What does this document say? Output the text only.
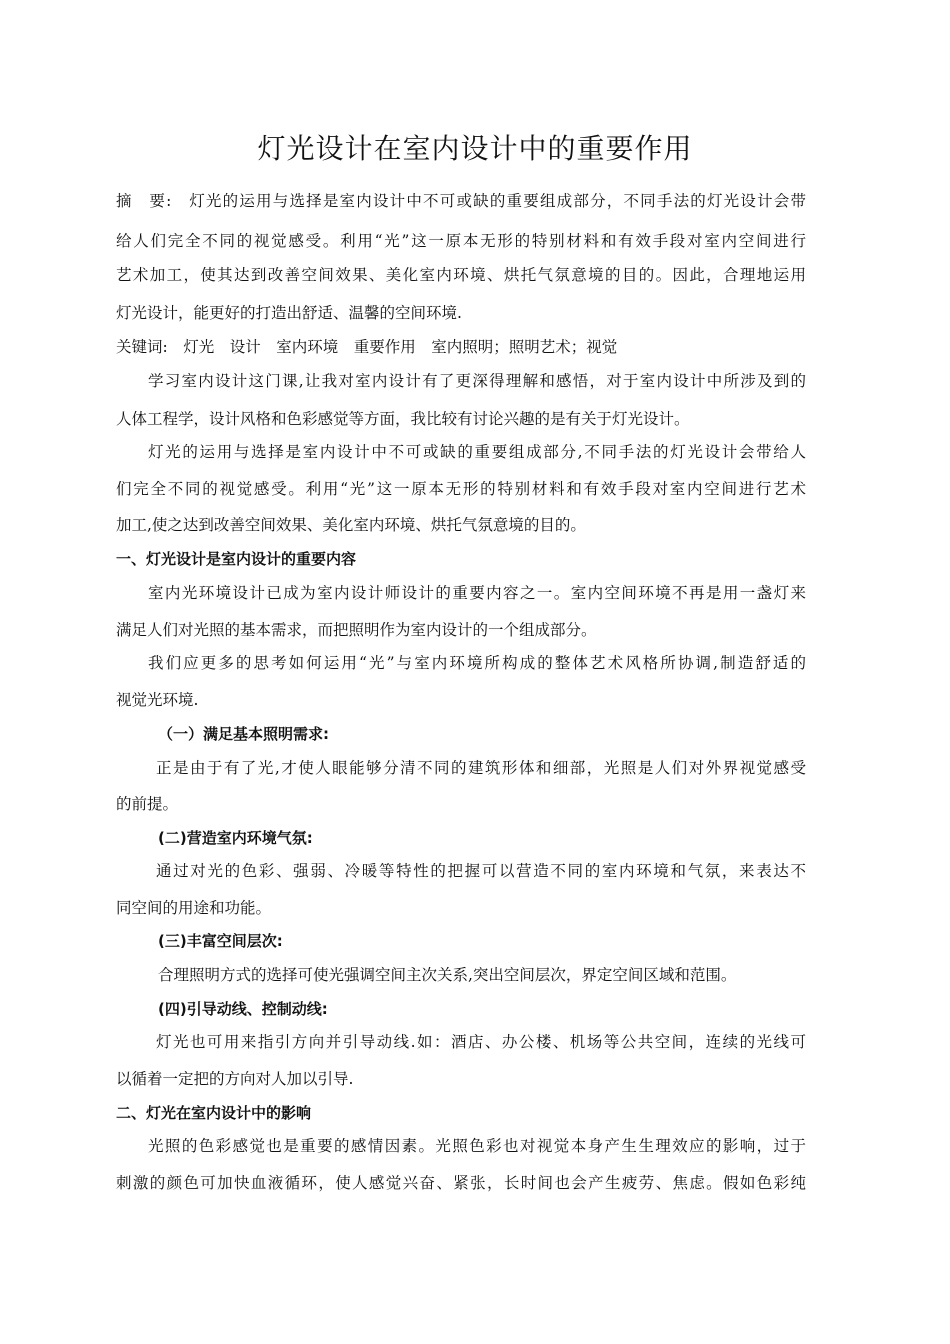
灯光设计在室内设计中的重要作用
摘　要:　灯光的运用与选择是室内设计中不可或缺的重要组成部分，不同手法的灯光设计会带
给人们完全不同的视觉感受。利用“光”这一原本无形的特别材料和有效手段对室内空间进行
艺术加工，使其达到改善空间效果、美化室内环境、烘托气氛意境的目的。因此，合理地运用
灯光设计，能更好的打造出舒适、温馨的空间环境.
关键词:　灯光　设计　室内环境　重要作用　室内照明；照明艺术；视觉
学习室内设计这门课,让我对室内设计有了更深得理解和感悟，对于室内设计中所涉及到的
人体工程学，设计风格和色彩感觉等方面，我比较有讨论兴趣的是有关于灯光设计。
灯光的运用与选择是室内设计中不可或缺的重要组成部分,不同手法的灯光设计会带给人
们完全不同的视觉感受。利用“光”这一原本无形的特别材料和有效手段对室内空间进行艺术
加工,使之达到改善空间效果、美化室内环境、烘托气氛意境的目的。
一、灯光设计是室内设计的重要内容
室内光环境设计已成为室内设计师设计的重要内容之一。室内空间环境不再是用一盏灯来
满足人们对光照的基本需求，而把照明作为室内设计的一个组成部分。
我们应更多的思考如何运用“光”与室内环境所构成的整体艺术风格所协调,制造舒适的
视觉光环境.
（一）满足基本照明需求:
正是由于有了光,才使人眼能够分清不同的建筑形体和细部，光照是人们对外界视觉感受
的前提。
(二)营造室内环境气氛:
通过对光的色彩、强弱、冷暖等特性的把握可以营造不同的室内环境和气氛，来表达不
同空间的用途和功能。
(三)丰富空间层次:
合理照明方式的选择可使光强调空间主次关系,突出空间层次，界定空间区域和范围。
(四)引导动线、控制动线:
灯光也可用来指引方向并引导动线.如：酒店、办公楼、机场等公共空间，连续的光线可
以循着一定把的方向对人加以引导.
二、灯光在室内设计中的影响
光照的色彩感觉也是重要的感情因素。光照色彩也对视觉本身产生生理效应的影响，过于
刺激的颜色可加快血液循环，使人感觉兴奋、紧张，长时间也会产生疲劳、焦虑。假如色彩纯
